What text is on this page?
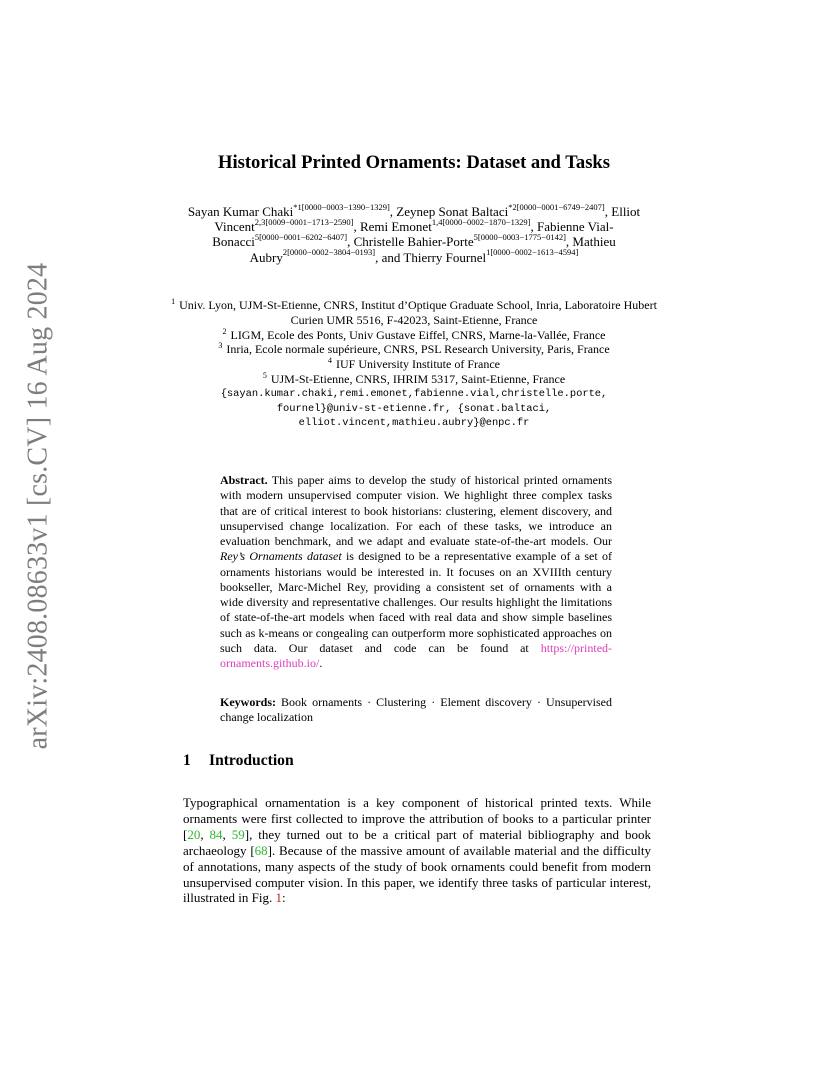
arXiv:2408.08633v1 [cs.CV] 16 Aug 2024
Historical Printed Ornaments: Dataset and Tasks
Sayan Kumar Chaki$^{*1[0000-0003-1390-1329]}$, Zeynep Sonat Baltaci$^{*2[0000-0001-6749-2407]}$, Elliot Vincent$^{2,3[0009-0001-1713-2590]}$, Remi Emonet$^{1,4[0000-0002-1870-1329]}$, Fabienne Vial-Bonacci$^{5[0000-0001-6202-6407]}$, Christelle Bahier-Porte$^{5[0000-0003-1775-0142]}$, Mathieu Aubry$^{2[0000-0002-3804-0193]}$, and Thierry Fournel$^{1[0000-0002-1613-4594]}$
$^1$ Univ. Lyon, UJM-St-Etienne, CNRS, Institut d’Optique Graduate School, Inria, Laboratoire Hubert Curien UMR 5516, F-42023, Saint-Etienne, France
$^2$ LIGM, Ecole des Ponts, Univ Gustave Eiffel, CNRS, Marne-la-Vallée, France
$^3$ Inria, Ecole normale supérieure, CNRS, PSL Research University, Paris, France
$^4$ IUF University Institute of France
$^5$ UJM-St-Etienne, CNRS, IHRIM 5317, Saint-Etienne, France
{sayan.kumar.chaki,remi.emonet,fabienne.vial,christelle.porte,
fournel}@univ-st-etienne.fr, {sonat.baltaci,
elliot.vincent,mathieu.aubry}@enpc.fr
Abstract. This paper aims to develop the study of historical printed ornaments with modern unsupervised computer vision. We highlight three complex tasks that are of critical interest to book historians: clustering, element discovery, and unsupervised change localization. For each of these tasks, we introduce an evaluation benchmark, and we adapt and evaluate state-of-the-art models. Our Rey’s Ornaments dataset is designed to be a representative example of a set of ornaments historians would be interested in. It focuses on an XVIIIth century bookseller, Marc-Michel Rey, providing a consistent set of ornaments with a wide diversity and representative challenges. Our results highlight the limitations of state-of-the-art models when faced with real data and show simple baselines such as k-means or congealing can outperform more sophisticated approaches on such data. Our dataset and code can be found at https://printed-ornaments.github.io/.
Keywords: Book ornaments · Clustering · Element discovery · Unsupervised change localization
1 Introduction
Typographical ornamentation is a key component of historical printed texts. While ornaments were first collected to improve the attribution of books to a particular printer [20, 84, 59], they turned out to be a critical part of material bibliography and book archaeology [68]. Because of the massive amount of available material and the difficulty of annotations, many aspects of the study of book ornaments could benefit from modern unsupervised computer vision. In this paper, we identify three tasks of particular interest, illustrated in Fig. 1:
